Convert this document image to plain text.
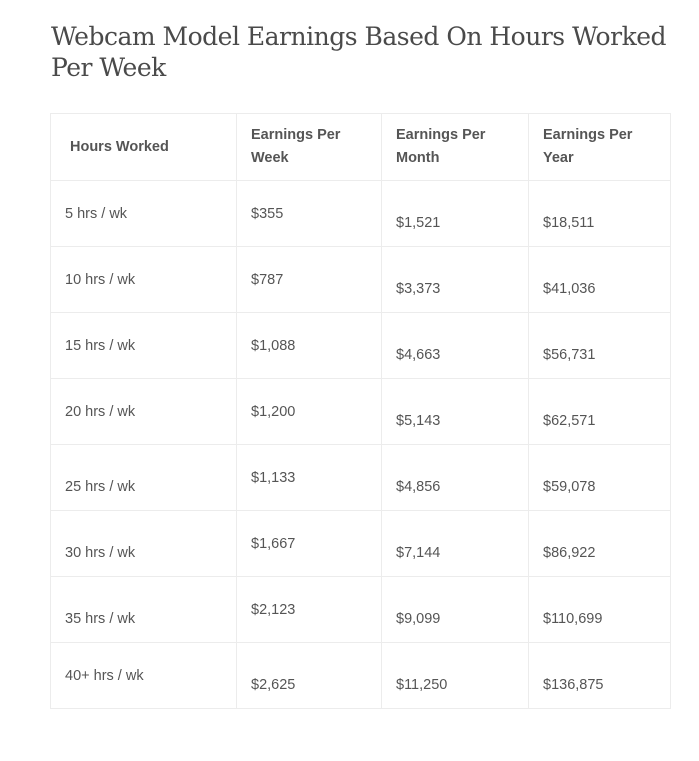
Webcam Model Earnings Based On Hours Worked Per Week
Hours Worked	Earnings Per Week	Earnings Per Month	Earnings Per Year
5 hrs / wk	$355	$1,521	$18,511
10 hrs / wk	$787	$3,373	$41,036
15 hrs / wk	$1,088	$4,663	$56,731
20 hrs / wk	$1,200	$5,143	$62,571
25 hrs / wk	$1,133	$4,856	$59,078
30 hrs / wk	$1,667	$7,144	$86,922
35 hrs / wk	$2,123	$9,099	$110,699
40+ hrs / wk	$2,625	$11,250	$136,875
